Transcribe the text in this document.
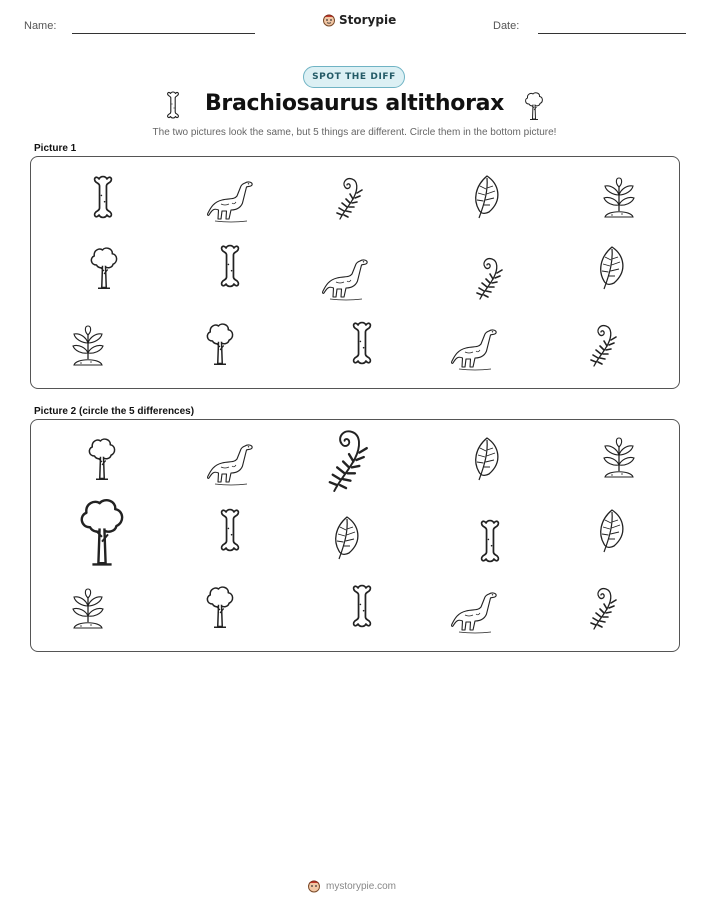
Name:	Storypie	Date:
SPOT THE DIFF
Brachiosaurus altithorax
The two pictures look the same, but 5 things are different. Circle them in the bottom picture!
Picture 1
Picture 2 (circle the 5 differences)
mystorypie.com
